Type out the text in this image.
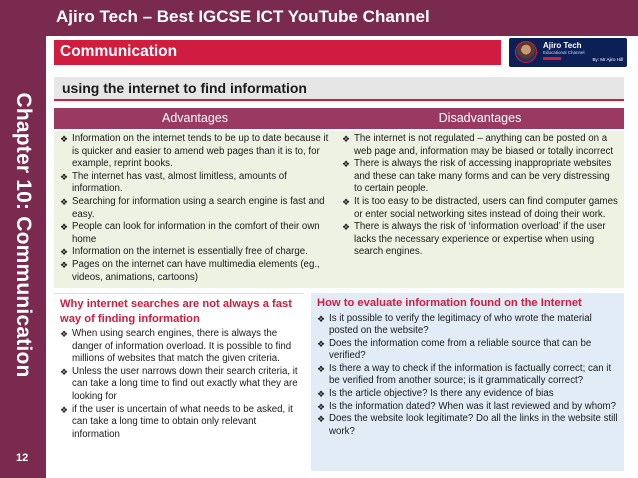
Chapter 10: Communication
12
Ajiro Tech – Best IGCSE ICT YouTube Channel
Communication	Ajiro Tech
Educational Channel
By: Mr Ajiro Hill
using the internet to find information
Advantages	Disadvantages
❖ Information on the internet tends to be up to date because it is quicker and easier to amend web pages than it is to, for example, reprint books.
❖ The internet has vast, almost limitless, amounts of information.
❖ Searching for information using a search engine is fast and easy.
❖ People can look for information in the comfort of their own home
❖ Information on the internet is essentially free of charge.
❖ Pages on the internet can have multimedia elements (eg., videos, animations, cartoons)
❖ The internet is not regulated – anything can be posted on a web page and, information may be biased or totally incorrect
❖ There is always the risk of accessing inappropriate websites and these can take many forms and can be very distressing to certain people.
❖ It is too easy to be distracted, users can find computer games or enter social networking sites instead of doing their work.
❖ There is always the risk of ‘information overload’ if the user lacks the necessary experience or expertise when using search engines.
Why internet searches are not always a fast way of finding information
❖ When using search engines, there is always the danger of information overload. It is possible to find millions of websites that match the given criteria.
❖ Unless the user narrows down their search criteria, it can take a long time to find out exactly what they are looking for
❖ if the user is uncertain of what needs to be asked, it can take a long time to obtain only relevant information
How to evaluate information found on the Internet
❖ Is it possible to verify the legitimacy of who wrote the material posted on the website?
❖ Does the information come from a reliable source that can be verified?
❖ Is there a way to check if the information is factually correct; can it be verified from another source; is it grammatically correct?
❖ Is the article objective? Is there any evidence of bias
❖ Is the information dated? When was it last reviewed and by whom?
❖ Does the website look legitimate? Do all the links in the website still work?
